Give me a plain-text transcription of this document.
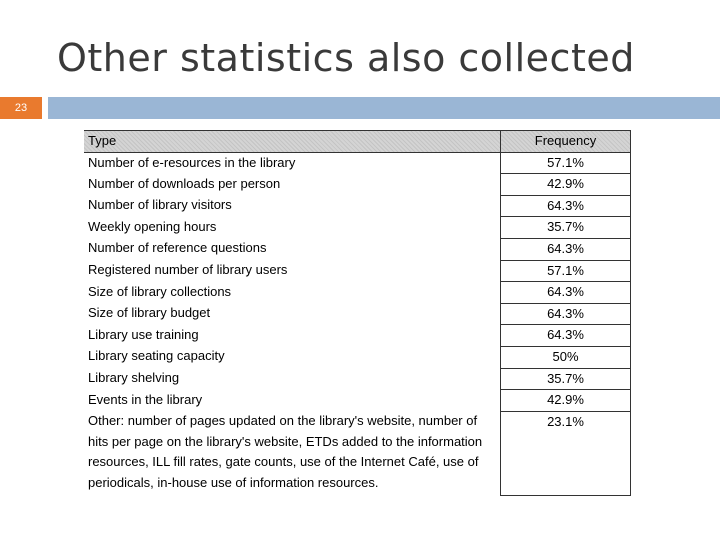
Other statistics also collected
23
Type	Frequency
Number of e-resources in the library	57.1%
Number of downloads per person	42.9%
Number of library visitors	64.3%
Weekly opening hours	35.7%
Number of reference questions	64.3%
Registered number of library users	57.1%
Size of library collections	64.3%
Size of library budget	64.3%
Library use training	64.3%
Library seating capacity	50%
Library shelving	35.7%
Events in the library	42.9%
Other: number of pages updated on the library's website, number of hits per page on the library's website, ETDs added to the information resources, ILL fill rates, gate counts, use of the Internet Café, use of periodicals, in-house use of information resources.	23.1%
